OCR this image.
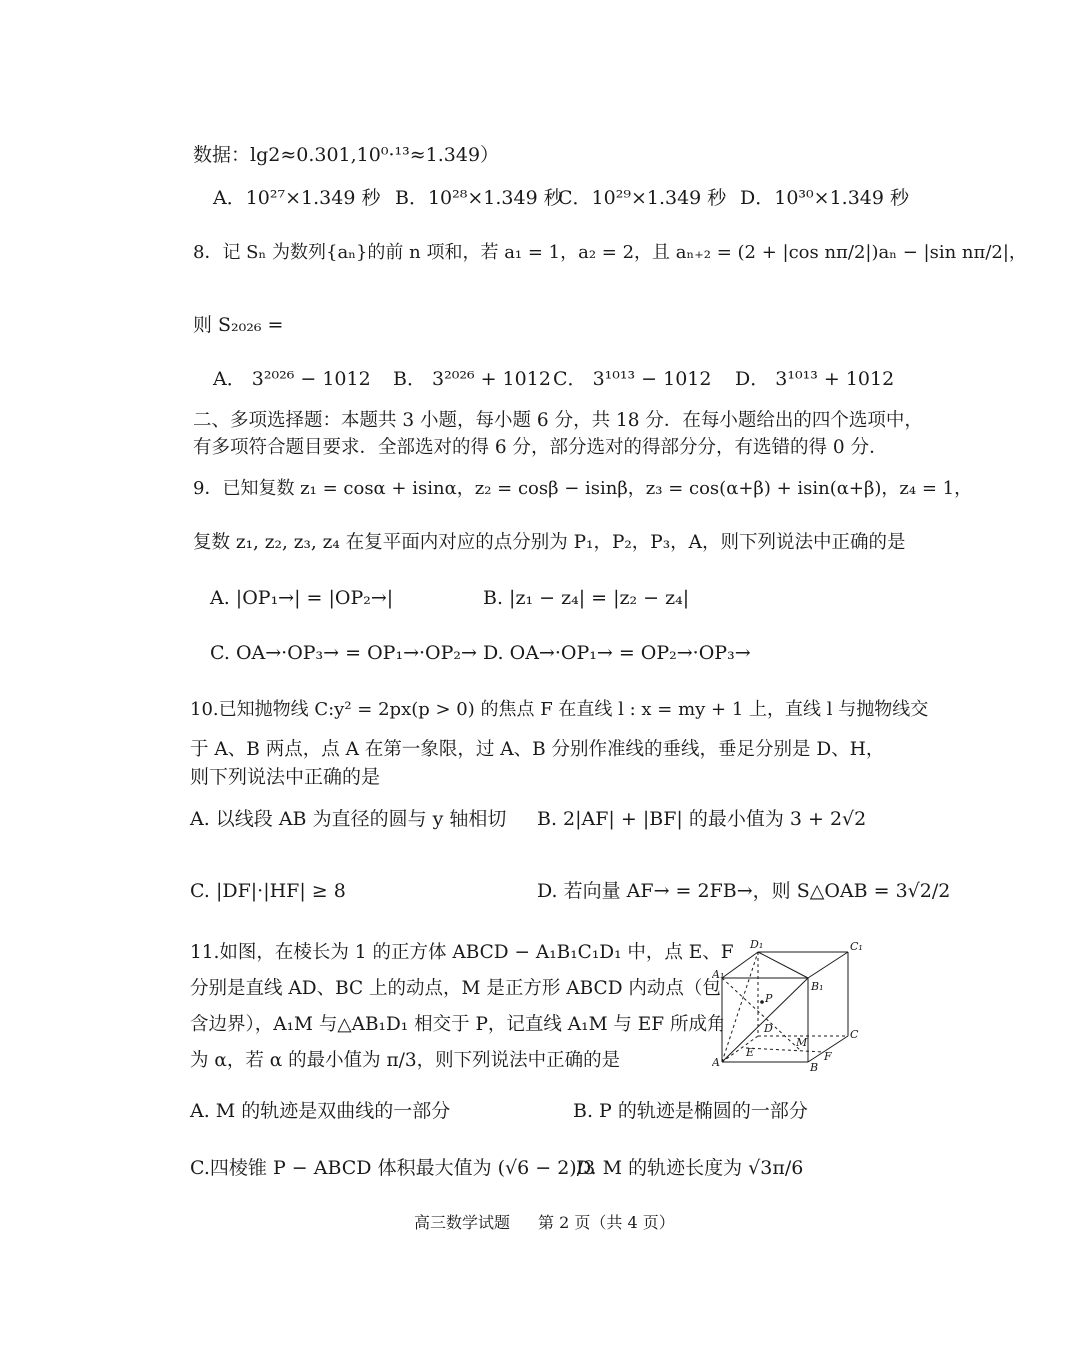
数据：lg2≈0.301,10⁰·¹³≈1.349）
A．10²⁷×1.349 秒 B．10²⁸×1.349 秒
C．10²⁹×1.349 秒 D．10³⁰×1.349 秒
8．记 Sₙ 为数列{aₙ}的前 n 项和，若 a₁ = 1，a₂ = 2，且 aₙ₊₂ = (2 + |cos nπ/2|)aₙ − |sin nπ/2|，
则 S₂₀₂₆ =
A． 3²⁰²⁶ − 1012 B． 3²⁰²⁶ + 1012 C． 3¹⁰¹³ − 1012 D． 3¹⁰¹³ + 1012
二、多项选择题：本题共 3 小题，每小题 6 分，共 18 分．在每小题给出的四个选项中，
有多项符合题目要求．全部选对的得 6 分，部分选对的得部分分，有选错的得 0 分．
9．已知复数 z₁ = cosα + isinα，z₂ = cosβ − isinβ，z₃ = cos(α+β) + isin(α+β)，z₄ = 1，
复数 z₁, z₂, z₃, z₄ 在复平面内对应的点分别为 P₁，P₂，P₃，A，则下列说法中正确的是
A. |OP₁→| = |OP₂→|	B. |z₁ − z₄| = |z₂ − z₄|
C. OA→·OP₃→ = OP₁→·OP₂→ D. OA→·OP₁→ = OP₂→·OP₃→
10.已知抛物线 C:y² = 2px(p > 0) 的焦点 F 在直线 l : x = my + 1 上，直线 l 与抛物线交
于 A、B 两点，点 A 在第一象限，过 A、B 分别作准线的垂线，垂足分别是 D、H，
则下列说法中正确的是
A. 以线段 AB 为直径的圆与 y 轴相切 B. 2|AF| + |BF| 的最小值为 3 + 2√2
C. |DF|·|HF| ≥ 8	D. 若向量 AF→ = 2FB→，则 S△OAB = 3√2/2
11.如图，在棱长为 1 的正方体 ABCD − A₁B₁C₁D₁ 中，点 E、F
分别是直线 AD、BC 上的动点，M 是正方形 ABCD 内动点（包
含边界），A₁M 与△AB₁D₁ 相交于 P，记直线 A₁M 与 EF 所成角
为 α，若 α 的最小值为 π/3，则下列说法中正确的是
D₁	C₁
A₁
B₁
P
D	C
M
E
A	B
F
A. M 的轨迹是双曲线的一部分	B. P 的轨迹是椭圆的一部分
C.四棱锥 P − ABCD 体积最大值为 (√6 − 2)/3
D. M 的轨迹长度为 √3π/6
高三数学试题 第 2 页（共 4 页）
